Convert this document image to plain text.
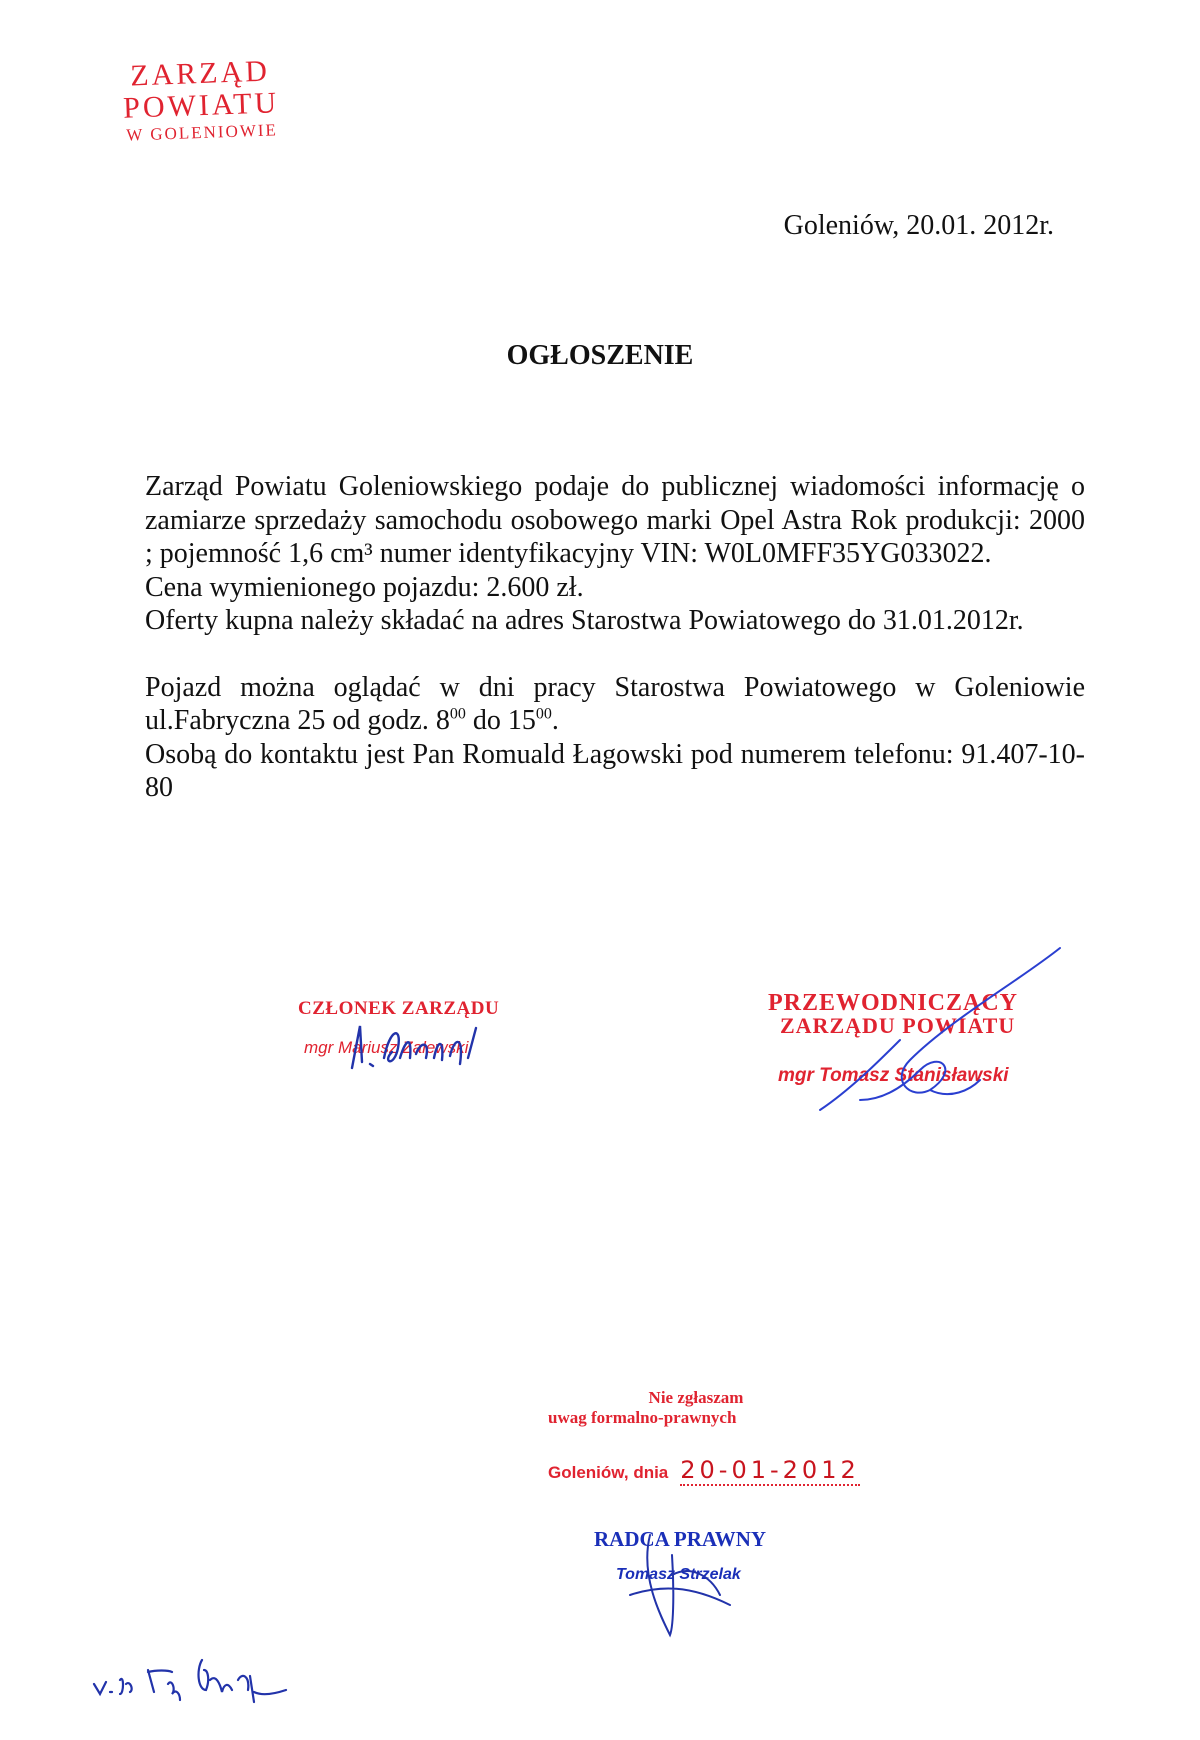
ZARZĄD
POWIATU
W GOLENIOWIE
Goleniów, 20.01. 2012r.
OGŁOSZENIE

Zarząd Powiatu Goleniowskiego podaje do publicznej wiadomości informację o zamiarze sprzedaży samochodu osobowego marki Opel Astra Rok produkcji: 2000 ; pojemność 1,6 cm³ numer identyfikacyjny VIN: W0L0MFF35YG033022.

Cena wymienionego pojazdu: 2.600 zł.

Oferty kupna należy składać na adres Starostwa Powiatowego do 31.01.2012r.

Pojazd można oglądać w dni pracy Starostwa Powiatowego w Goleniowie ul.Fabryczna 25 od godz. $8^{00}$ do $15^{00}$.

Osobą do kontaktu jest Pan Romuald Łagowski pod numerem telefonu: 91.407-10-80

CZŁONEK ZARZĄDU
mgr Mariusz Zalewski
PRZEWODNICZĄCY
ZARZĄDU POWIATU
mgr Tomasz Stanisławski
Nie zgłaszam
uwag formalno-prawnych
Goleniów, dnia 20-01-2012
RADCA PRAWNY
Tomasz Strzelak
